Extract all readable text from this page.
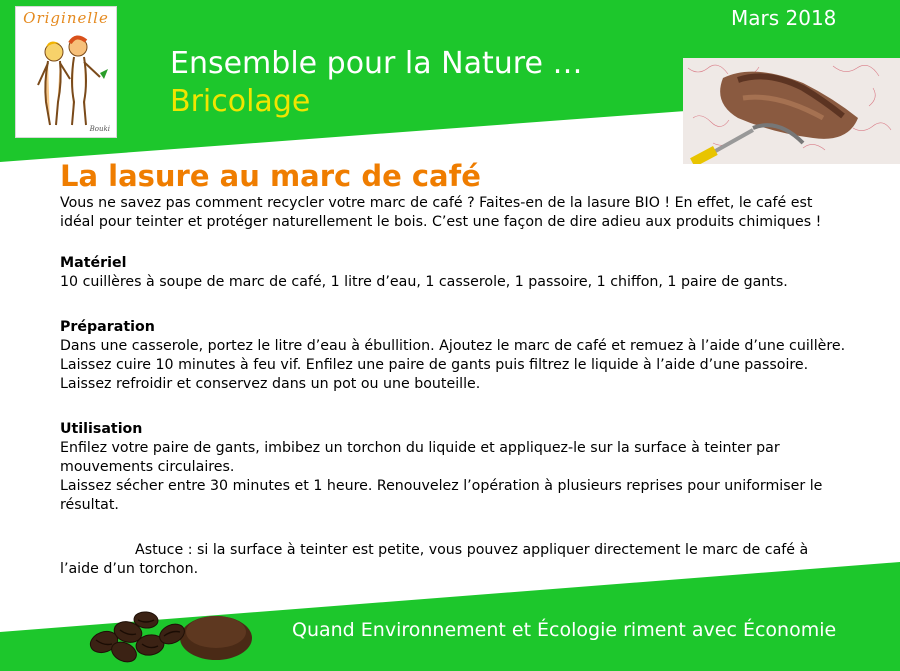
Originelle
Bouki
Mars 2018
Ensemble pour la Nature …
Bricolage
La lasure au marc de café

Vous ne savez pas comment recycler votre marc de café ? Faites-en de la lasure BIO ! En effet, le café est

idéal pour teinter et protéger naturellement le bois. C’est une façon de dire adieu aux produits chimiques !

Matériel

10 cuillères à soupe de marc de café, 1 litre d’eau, 1 casserole, 1 passoire, 1 chiffon, 1 paire de gants.

Préparation

Dans une casserole, portez le litre d’eau à ébullition. Ajoutez le marc de café et remuez à l’aide d’une cuillère.

Laissez cuire 10 minutes à feu vif. Enfilez une paire de gants puis filtrez le liquide à l’aide d’une passoire.

Laissez refroidir et conservez dans un pot ou une bouteille.

Utilisation

Enfilez votre paire de gants, imbibez un torchon du liquide et appliquez-le sur la surface à teinter par

mouvements circulaires.

Laissez sécher entre 30 minutes et 1 heure. Renouvelez l’opération à plusieurs reprises pour uniformiser le

résultat.

Astuce : si la surface à teinter est petite, vous pouvez appliquer directement le marc de café à

l’aide d’un torchon.

Quand Environnement et Écologie riment avec Économie
